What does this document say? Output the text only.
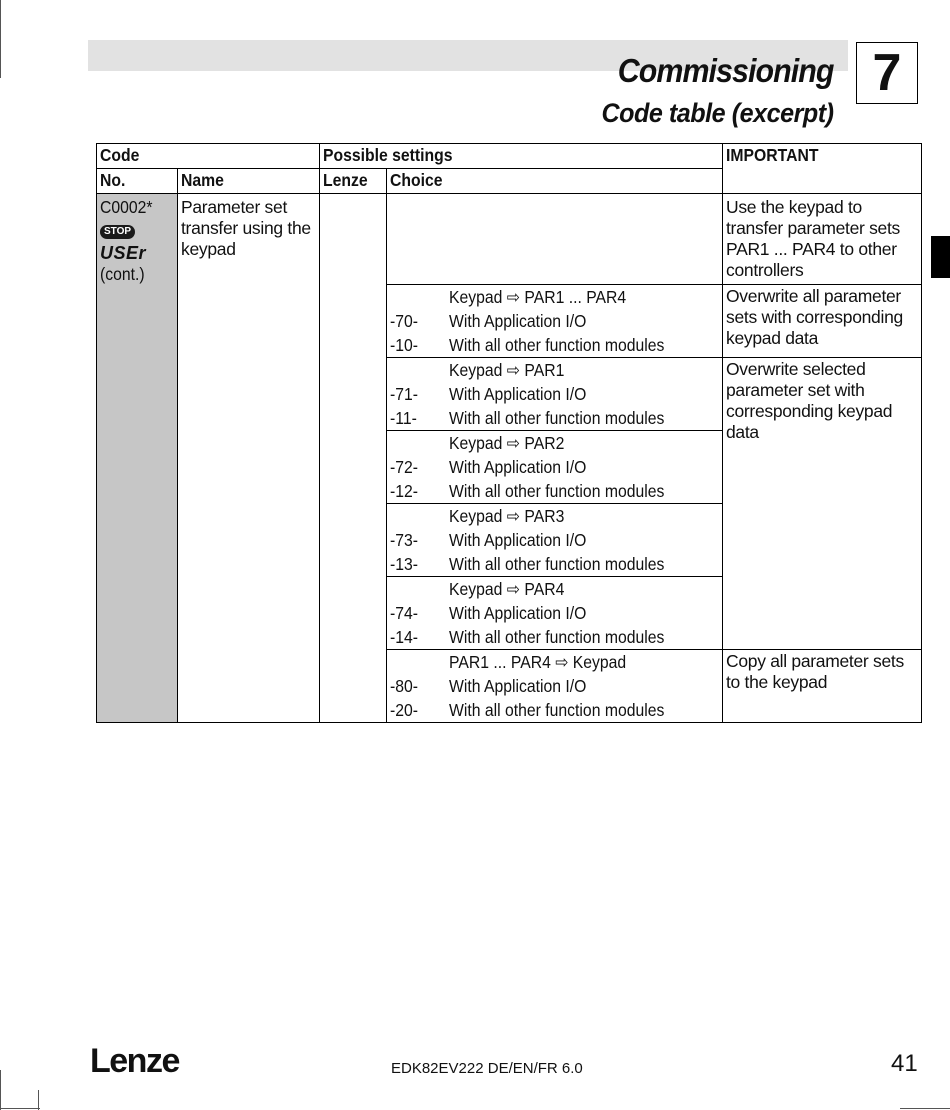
Commissioning
Code table (excerpt)
7
Code		Possible settings		IMPORTANT
No.	Name	Lenze	Choice	

C0002*
STOP
USEr
(cont.)	Parameter set transfer using the keypad			Use the keypad to transfer parameter sets PAR1 ... PAR4 to other controllers

			Keypad ⇨ PAR1 ... PAR4
-70- With Application I/O
-10- With all other function modules	Overwrite all parameter sets with corresponding keypad data

			Keypad ⇨ PAR1
-71- With Application I/O
-11- With all other function modules	Overwrite selected parameter set with corresponding keypad data

			Keypad ⇨ PAR2
-72- With Application I/O
-12- With all other function modules	

			Keypad ⇨ PAR3
-73- With Application I/O
-13- With all other function modules	

			Keypad ⇨ PAR4
-74- With Application I/O
-14- With all other function modules	

			PAR1 ... PAR4 ⇨ Keypad
-80- With Application I/O
-20- With all other function modules	Copy all parameter sets to the keypad
Lenze	EDK82EV222 DE/EN/FR 6.0	41
